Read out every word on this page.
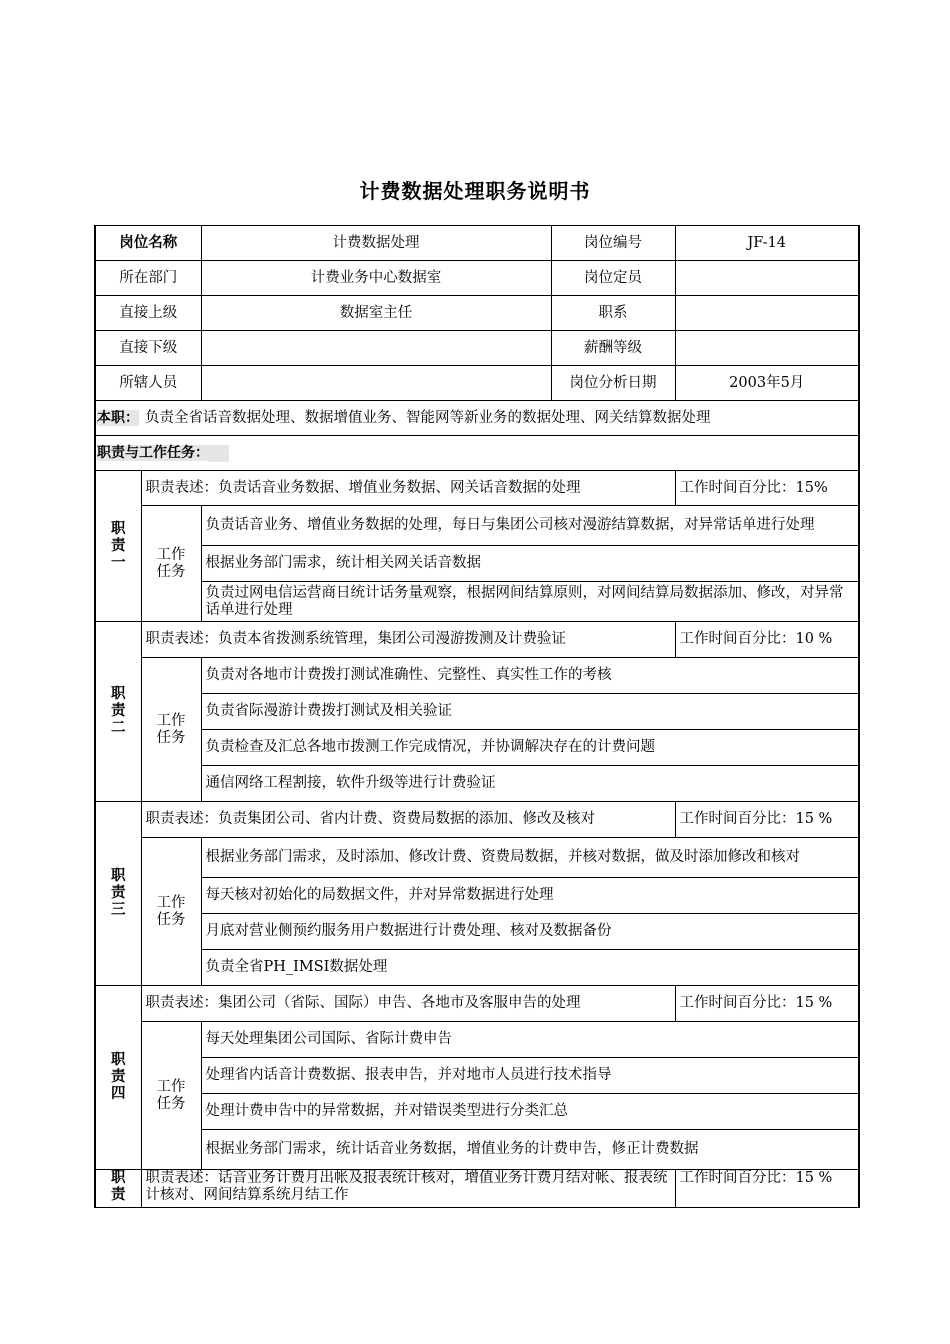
计费数据处理职务说明书
岗位名称		计费数据处理	岗位编号	JF-14
所在部门		计费业务中心数据室	岗位定员	
直接上级		数据室主任	职系	
直接下级			薪酬等级	
所辖人员			岗位分析日期	2003年5月
本职： 负责全省话音数据处理、数据增值业务、智能网等新业务的数据处理、网关结算数据处理				
职责与工作任务：				
职
责
一	职责表述：负责话音业务数据、增值业务数据、网关话音数据的处理			工作时间百分比：15%
	工作
任务	负责话音业务、增值业务数据的处理，每日与集团公司核对漫游结算数据，对异常话单进行处理		
		根据业务部门需求，统计相关网关话音数据		
		负责过网电信运营商日统计话务量观察，根据网间结算原则，对网间结算局数据添加、修改，对异常话单进行处理		
职
责
二	职责表述：负责本省拨测系统管理，集团公司漫游拨测及计费验证			工作时间百分比：10 %
	工作
任务	负责对各地市计费拨打测试准确性、完整性、真实性工作的考核		
		负责省际漫游计费拨打测试及相关验证		
		负责检查及汇总各地市拨测工作完成情况，并协调解决存在的计费问题		
		通信网络工程割接，软件升级等进行计费验证		
职
责
三	职责表述：负责集团公司、省内计费、资费局数据的添加、修改及核对			工作时间百分比：15 %
	工作
任务	根据业务部门需求，及时添加、修改计费、资费局数据，并核对数据，做及时添加修改和核对		
		每天核对初始化的局数据文件，并对异常数据进行处理		
		月底对营业侧预约服务用户数据进行计费处理、核对及数据备份		
		负责全省PH_IMSI数据处理		
职
责
四	职责表述：集团公司（省际、国际）申告、各地市及客服申告的处理			工作时间百分比：15 %
	工作
任务	每天处理集团公司国际、省际计费申告		
		处理省内话音计费数据、报表申告，并对地市人员进行技术指导		
		处理计费申告中的异常数据，并对错误类型进行分类汇总		
		根据业务部门需求，统计话音业务数据，增值业务的计费申告，修正计费数据		
职
责	职责表述：话音业务计费月出帐及报表统计核对，增值业务计费月结对帐、报表统计核对、网间结算系统月结工作			工作时间百分比：15 %
